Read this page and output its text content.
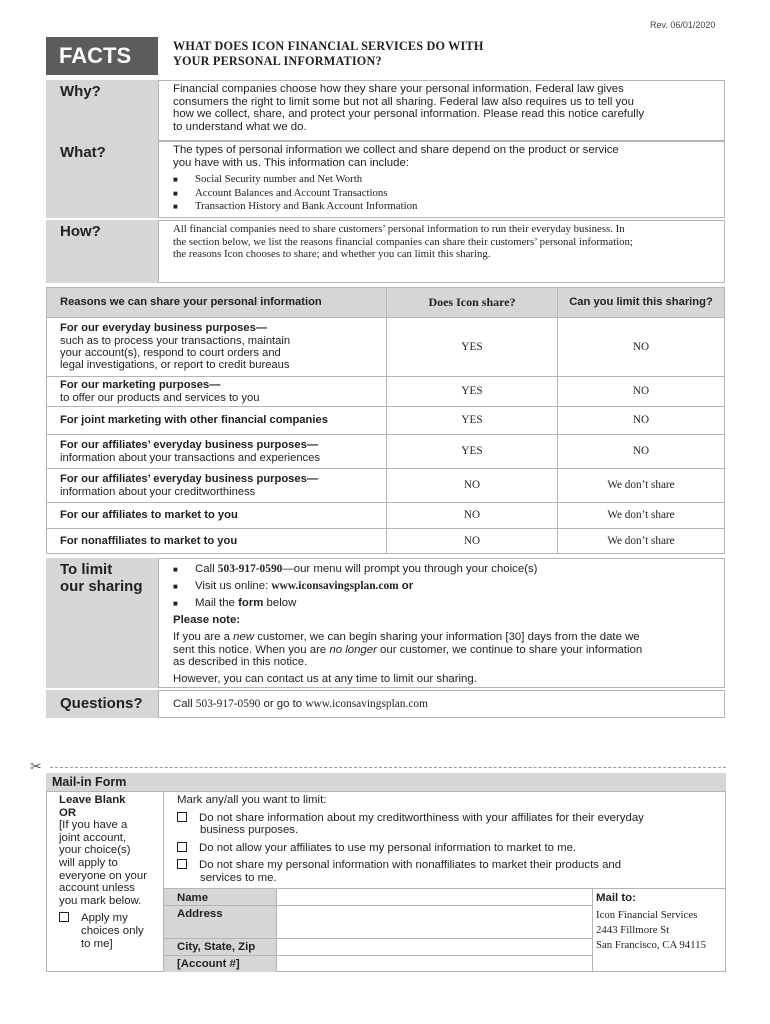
Rev. 06/01/2020
FACTS	WHAT DOES ICON FINANCIAL SERVICES DO WITH
YOUR PERSONAL INFORMATION?
Why?	Financial companies choose how they share your personal information. Federal law gives
consumers the right to limit some but not all sharing. Federal law also requires us to tell you
how we collect, share, and protect your personal information. Please read this notice carefully
to understand what we do.
What?	The types of personal information we collect and share depend on the product or service
you have with us. This information can include:
■ Social Security number and Net Worth
■ Account Balances and Account Transactions
■ Transaction History and Bank Account Information
How?	All financial companies need to share customers’ personal information to run their everyday business. In
the section below, we list the reasons financial companies can share their customers’ personal information;
the reasons Icon chooses to share; and whether you can limit this sharing.
Reasons we can share your personal information	Does Icon share?	Can you limit this sharing?

For our everyday business purposes—
such as to process your transactions, maintain
your account(s), respond to court orders and
legal investigations, or report to credit bureaus	YES	NO

For our marketing purposes—
to offer our products and services to you	YES	NO

For joint marketing with other financial companies	YES	NO

For our affiliates’ everyday business purposes—
information about your transactions and experiences	YES	NO

For our affiliates’ everyday business purposes—
information about your creditworthiness	NO	We don’t share

For our affiliates to market to you	NO	We don’t share

For nonaffiliates to market to you	NO	We don’t share
To limit
our sharing
■ Call 503-917-0590—our menu will prompt you through your choice(s)
■ Visit us online: www.iconsavingsplan.com or
■ Mail the form below
Please note:
If you are a new customer, we can begin sharing your information [30] days from the date we
sent this notice. When you are no longer our customer, we continue to share your information
as described in this notice.
However, you can contact us at any time to limit our sharing.
Questions?	Call 503-917-0590 or go to www.iconsavingsplan.com
✂
Mail-in Form
Leave Blank
OR
[If you have a
joint account,
your choice(s)
will apply to
everyone on your
account unless
you mark below.
Apply my
choices only
to me]
Mark any/all you want to limit:
Do not share information about my creditworthiness with your affiliates for their everyday
business purposes.
Do not allow your affiliates to use my personal information to market to me.
Do not share my personal information with nonaffiliates to market their products and
services to me.
Name
Address
City, State, Zip
[Account #]
Mail to:
Icon Financial Services
2443 Fillmore St
San Francisco, CA 94115
